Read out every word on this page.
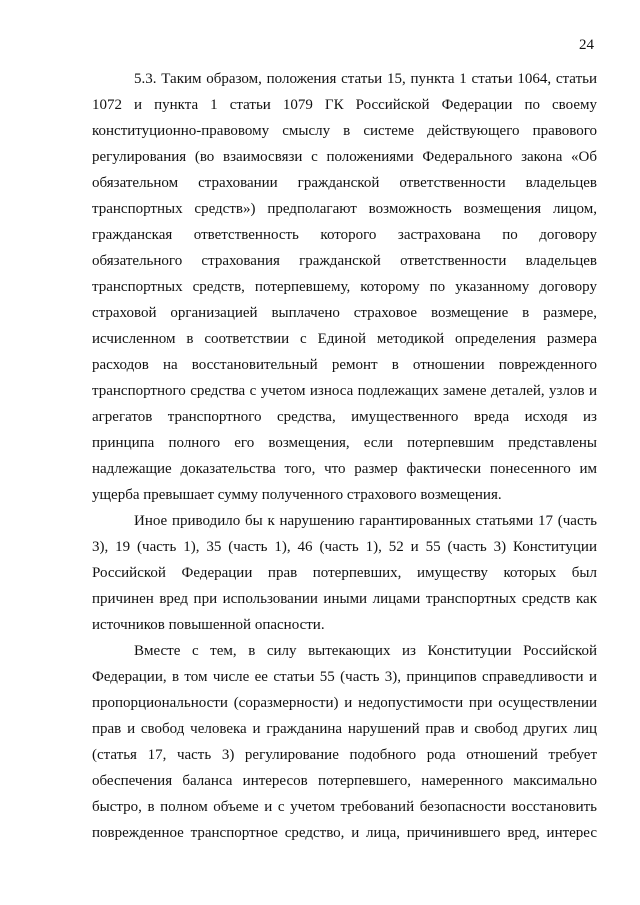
24
5.3. Таким образом, положения статьи 15, пункта 1 статьи 1064, статьи
1072 и пункта 1 статьи 1079 ГК Российской Федерации по своему
конституционно-правовому смыслу в системе действующего правового
регулирования (во взаимосвязи с положениями Федерального закона «Об
обязательном страховании гражданской ответственности владельцев
транспортных средств») предполагают возможность возмещения лицом,
гражданская ответственность которого застрахована по договору
обязательного страхования гражданской ответственности владельцев
транспортных средств, потерпевшему, которому по указанному договору
страховой организацией выплачено страховое возмещение в размере,
исчисленном в соответствии с Единой методикой определения размера
расходов на восстановительный ремонт в отношении поврежденного
транспортного средства с учетом износа подлежащих замене деталей, узлов и
агрегатов транспортного средства, имущественного вреда исходя из
принципа полного его возмещения, если потерпевшим представлены
надлежащие доказательства того, что размер фактически понесенного им
ущерба превышает сумму полученного страхового возмещения.
Иное приводило бы к нарушению гарантированных статьями 17 (часть
3), 19 (часть 1), 35 (часть 1), 46 (часть 1), 52 и 55 (часть 3) Конституции
Российской Федерации прав потерпевших, имуществу которых был
причинен вред при использовании иными лицами транспортных средств как
источников повышенной опасности.
Вместе с тем, в силу вытекающих из Конституции Российской
Федерации, в том числе ее статьи 55 (часть 3), принципов справедливости и
пропорциональности (соразмерности) и недопустимости при осуществлении
прав и свобод человека и гражданина нарушений прав и свобод других лиц
(статья 17, часть 3) регулирование подобного рода отношений требует
обеспечения баланса интересов потерпевшего, намеренного максимально
быстро, в полном объеме и с учетом требований безопасности восстановить
поврежденное транспортное средство, и лица, причинившего вред, интерес
